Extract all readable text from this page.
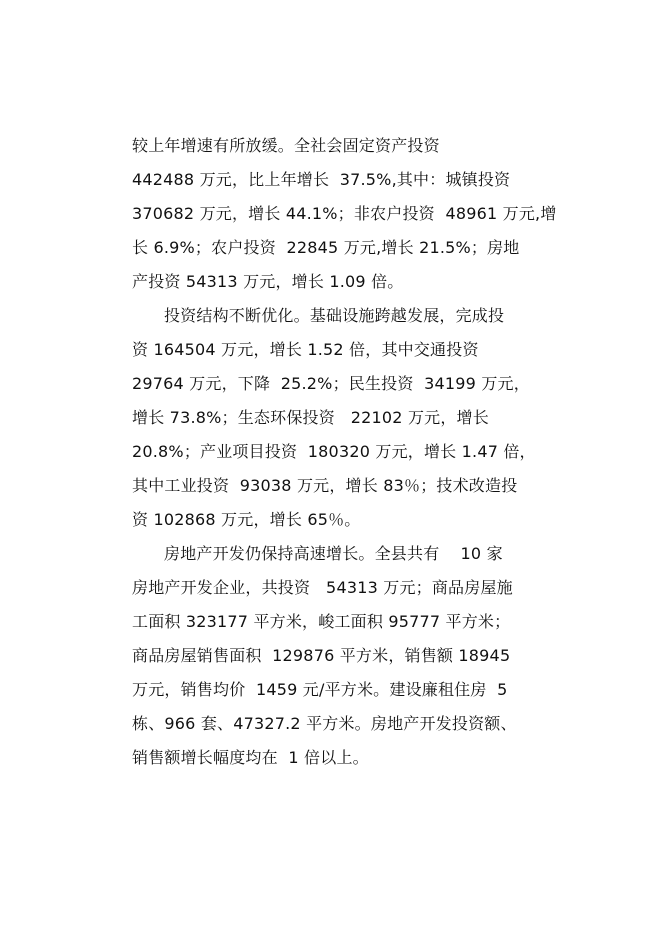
较上年增速有所放缓。全社会固定资产投资
442488 万元，比上年增长  37.5%,其中：城镇投资
370682 万元，增长 44.1%；非农户投资  48961 万元,增
长 6.9%；农户投资  22845 万元,增长 21.5%；房地
产投资 54313 万元，增长 1.09 倍。
投资结构不断优化。基础设施跨越发展，完成投
资 164504 万元，增长 1.52 倍，其中交通投资
29764 万元，下降  25.2%；民生投资  34199 万元，
增长 73.8%；生态环保投资   22102 万元，增长
20.8%；产业项目投资  180320 万元，增长 1.47 倍，
其中工业投资  93038 万元，增长 83％；技术改造投
资 102868 万元，增长 65％。
房地产开发仍保持高速增长。全县共有    10 家
房地产开发企业，共投资   54313 万元；商品房屋施
工面积 323177 平方米，峻工面积 95777 平方米；
商品房屋销售面积  129876 平方米，销售额 18945
万元，销售均价  1459 元/平方米。建设廉租住房  5
栋、966 套、47327.2 平方米。房地产开发投资额、
销售额增长幅度均在  1 倍以上。
